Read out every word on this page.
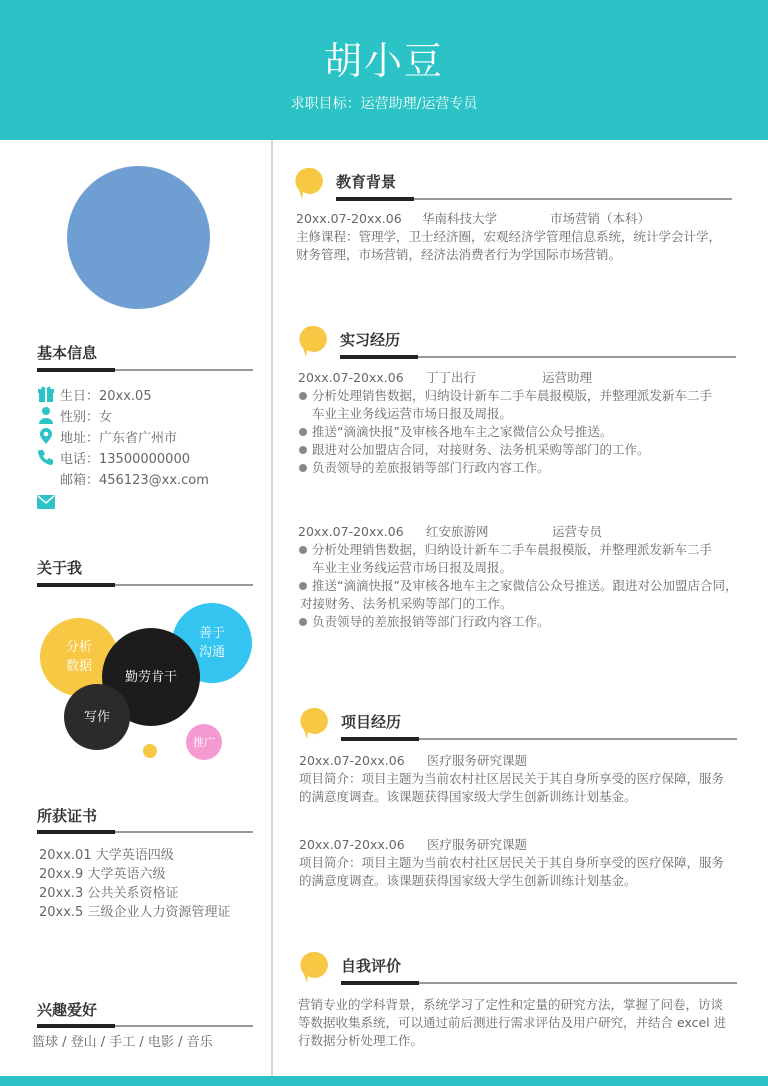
胡小豆
求职目标：运营助理/运营专员
基本信息
生日：20xx.05
性别：女
地址：广东省广州市
电话：13500000000
邮箱：456123@xx.com
关于我
分析
数据
善于
沟通
勤劳肯干
写作
推广
所获证书
20xx.01 大学英语四级
20xx.9 大学英语六级
20xx.3 公共关系资格证
20xx.5 三级企业人力资源管理证
兴趣爱好
篮球 / 登山 / 手工 / 电影 / 音乐
教育背景
20xx.07-20xx.06 华南科技大学	市场营销（本科）
主修课程：管理学，卫士经济圈，宏观经济学管理信息系统，统计学会计学，
财务管理，市场营销，经济法消费者行为学国际市场营销。
实习经历
20xx.07-20xx.06 丁丁出行	运营助理
分析处理销售数据，归纳设计新车二手车晨报模版，并整理派发新车二手
车业主业务线运营市场日报及周报。
推送“滴滴快报”及审核各地车主之家微信公众号推送。
跟进对公加盟店合同，对接财务、法务机采购等部门的工作。
负责领导的差旅报销等部门行政内容工作。
20xx.07-20xx.06 红安旅游网	运营专员
分析处理销售数据，归纳设计新车二手车晨报模版，并整理派发新车二手
车业主业务线运营市场日报及周报。
推送“滴滴快报”及审核各地车主之家微信公众号推送。跟进对公加盟店合同，
对接财务、法务机采购等部门的工作。
负责领导的差旅报销等部门行政内容工作。
项目经历
20xx.07-20xx.06 医疗服务研究课题
项目简介：项目主题为当前农村社区居民关于其自身所享受的医疗保障，服务
的满意度调查。该课题获得国家级大学生创新训练计划基金。
20xx.07-20xx.06 医疗服务研究课题
项目简介：项目主题为当前农村社区居民关于其自身所享受的医疗保障，服务
的满意度调查。该课题获得国家级大学生创新训练计划基金。
自我评价
营销专业的学科背景，系统学习了定性和定量的研究方法，掌握了问卷，访谈
等数据收集系统，可以通过前后测进行需求评估及用户研究，并结合 excel 进
行数据分析处理工作。
